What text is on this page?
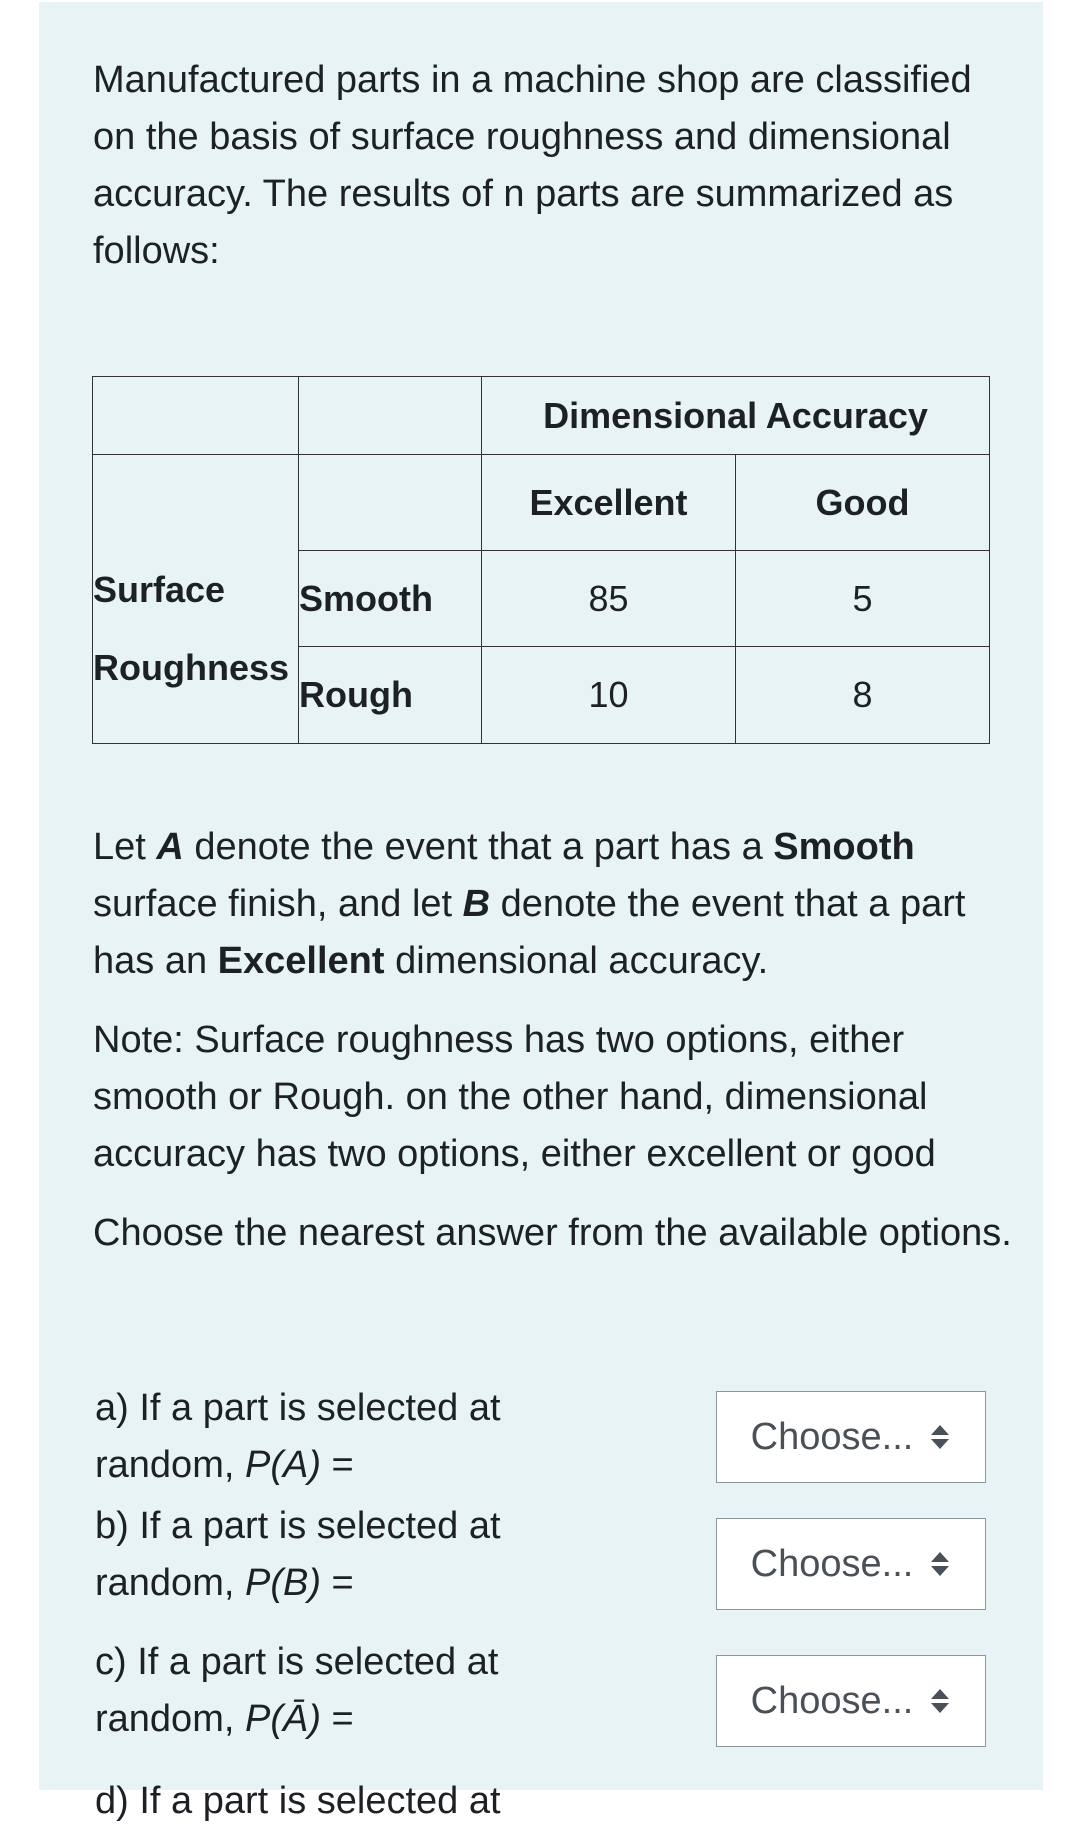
Manufactured parts in a machine shop are classified on the basis of surface roughness and dimensional accuracy. The results of n parts are summarized as follows:
		Dimensional Accuracy	

Surface
Roughness		Excellent	Good
	Smooth	85	5
	Rough	10	8

Let A denote the event that a part has a Smooth surface finish, and let B denote the event that a part has an Excellent dimensional accuracy.

Note: Surface roughness has two options, either smooth or Rough. on the other hand, dimensional accuracy has two options, either excellent or good

Choose the nearest answer from the available options.

a) If a part is selected at random, P(A) =
Choose...
b) If a part is selected at random, P(B) =	Choose...
c) If a part is selected at random, P(Ā) =	Choose...
d) If a part is selected at
